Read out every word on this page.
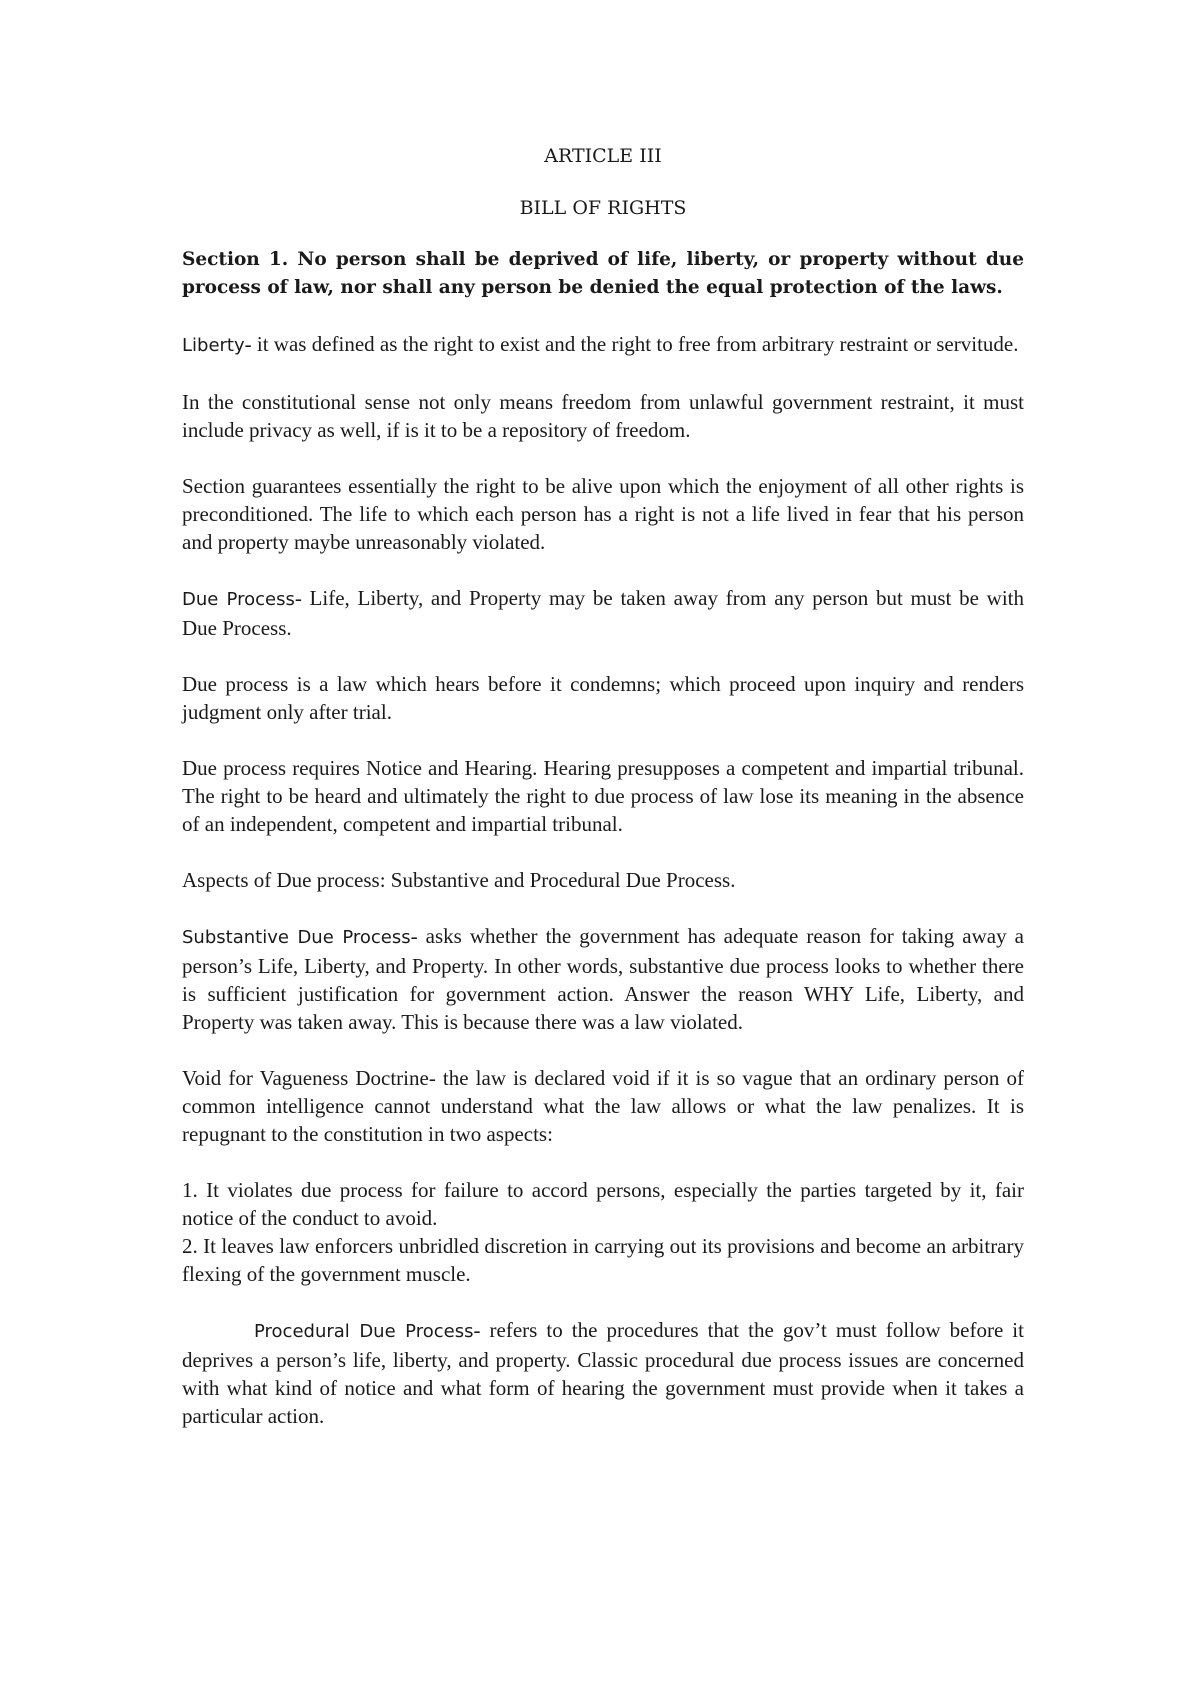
ARTICLE III
BILL OF RIGHTS

Section 1. No person shall be deprived of life, liberty, or property without due process of law, nor shall any person be denied the equal protection of the laws.

Liberty- it was defined as the right to exist and the right to free from arbitrary restraint or servitude.

In the constitutional sense not only means freedom from unlawful government restraint, it must include privacy as well, if is it to be a repository of freedom.

Section guarantees essentially the right to be alive upon which the enjoyment of all other rights is preconditioned. The life to which each person has a right is not a life lived in fear that his person and property maybe unreasonably violated.

Due Process- Life, Liberty, and Property may be taken away from any person but must be with Due Process.

Due process is a law which hears before it condemns; which proceed upon inquiry and renders judgment only after trial.

Due process requires Notice and Hearing. Hearing presupposes a competent and impartial tribunal. The right to be heard and ultimately the right to due process of law lose its meaning in the absence of an independent, competent and impartial tribunal.

Aspects of Due process: Substantive and Procedural Due Process.

Substantive Due Process- asks whether the government has adequate reason for taking away a person’s Life, Liberty, and Property. In other words, substantive due process looks to whether there is sufficient justification for government action. Answer the reason WHY Life, Liberty, and Property was taken away. This is because there was a law violated.

Void for Vagueness Doctrine- the law is declared void if it is so vague that an ordinary person of common intelligence cannot understand what the law allows or what the law penalizes. It is repugnant to the constitution in two aspects:

1. It violates due process for failure to accord persons, especially the parties targeted by it, fair notice of the conduct to avoid.

2. It leaves law enforcers unbridled discretion in carrying out its provisions and become an arbitrary flexing of the government muscle.

Procedural Due Process- refers to the procedures that the gov’t must follow before it deprives a person’s life, liberty, and property. Classic procedural due process issues are concerned with what kind of notice and what form of hearing the government must provide when it takes a particular action.
